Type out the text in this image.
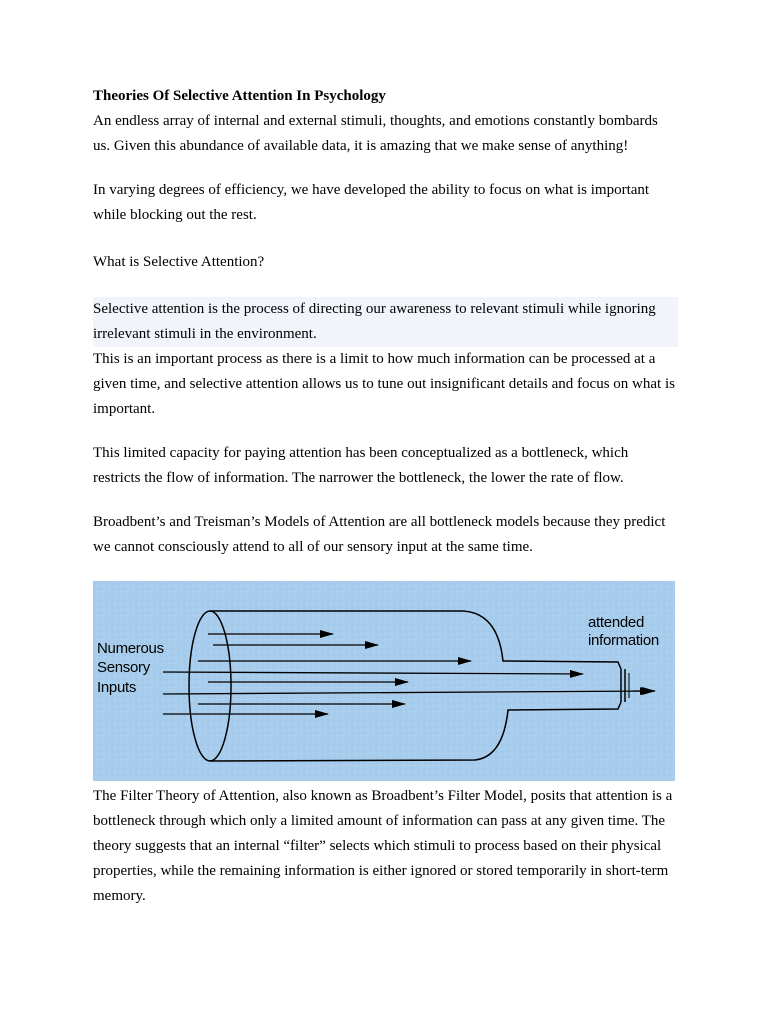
Theories Of Selective Attention In Psychology

An endless array of internal and external stimuli, thoughts, and emotions constantly bombards us. Given this abundance of available data, it is amazing that we make sense of anything!

In varying degrees of efficiency, we have developed the ability to focus on what is important while blocking out the rest.

What is Selective Attention?

Selective attention is the process of directing our awareness to relevant stimuli while ignoring irrelevant stimuli in the environment.

This is an important process as there is a limit to how much information can be processed at a given time, and selective attention allows us to tune out insignificant details and focus on what is important.

This limited capacity for paying attention has been conceptualized as a bottleneck, which restricts the flow of information. The narrower the bottleneck, the lower the rate of flow.

Broadbent’s and Treisman’s Models of Attention are all bottleneck models because they predict we cannot consciously attend to all of our sensory input at the same time.

Numerous
Sensory
Inputs
attended
information

The Filter Theory of Attention, also known as Broadbent’s Filter Model, posits that attention is a bottleneck through which only a limited amount of information can pass at any given time. The theory suggests that an internal “filter” selects which stimuli to process based on their physical properties, while the remaining information is either ignored or stored temporarily in short-term memory.
